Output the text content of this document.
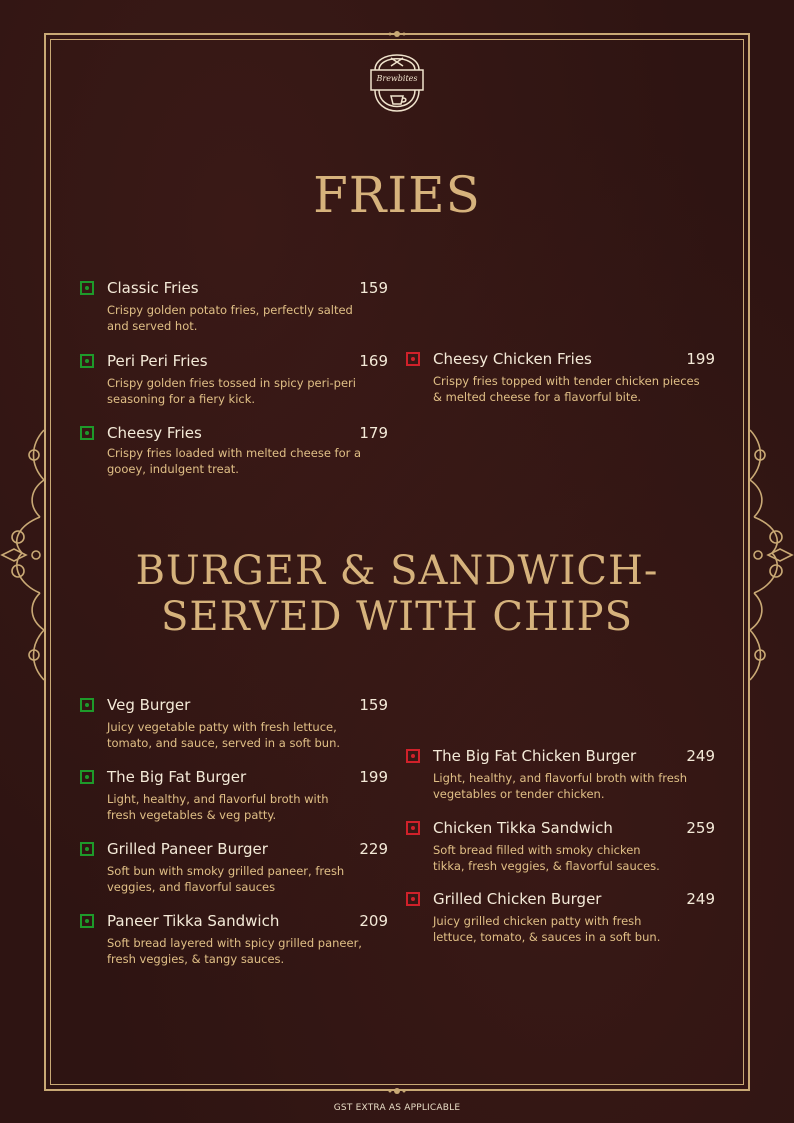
Brewbites
FRIES
Classic Fries	159
Crispy golden potato fries, perfectly salted and served hot.
Peri Peri Fries	169
Crispy golden fries tossed in spicy peri-peri seasoning for a fiery kick.
Cheesy Fries	179
Crispy fries loaded with melted cheese for a gooey, indulgent treat.
Cheesy Chicken Fries	199
Crispy fries topped with tender chicken pieces & melted cheese for a flavorful bite.
BURGER & SANDWICH-
SERVED WITH CHIPS
Veg Burger	159
Juicy vegetable patty with fresh lettuce, tomato, and sauce, served in a soft bun.
The Big Fat Burger	199
Light, healthy, and flavorful broth with fresh vegetables & veg patty.
Grilled Paneer Burger	229
Soft bun with smoky grilled paneer, fresh veggies, and flavorful sauces
Paneer Tikka Sandwich	209
Soft bread layered with spicy grilled paneer, fresh veggies, & tangy sauces.
The Big Fat Chicken Burger	249
Light, healthy, and flavorful broth with fresh vegetables or tender chicken.
Chicken Tikka Sandwich	259
Soft bread filled with smoky chicken tikka, fresh veggies, & flavorful sauces.
Grilled Chicken Burger	249
Juicy grilled chicken patty with fresh lettuce, tomato, & sauces in a soft bun.
GST EXTRA AS APPLICABLE
